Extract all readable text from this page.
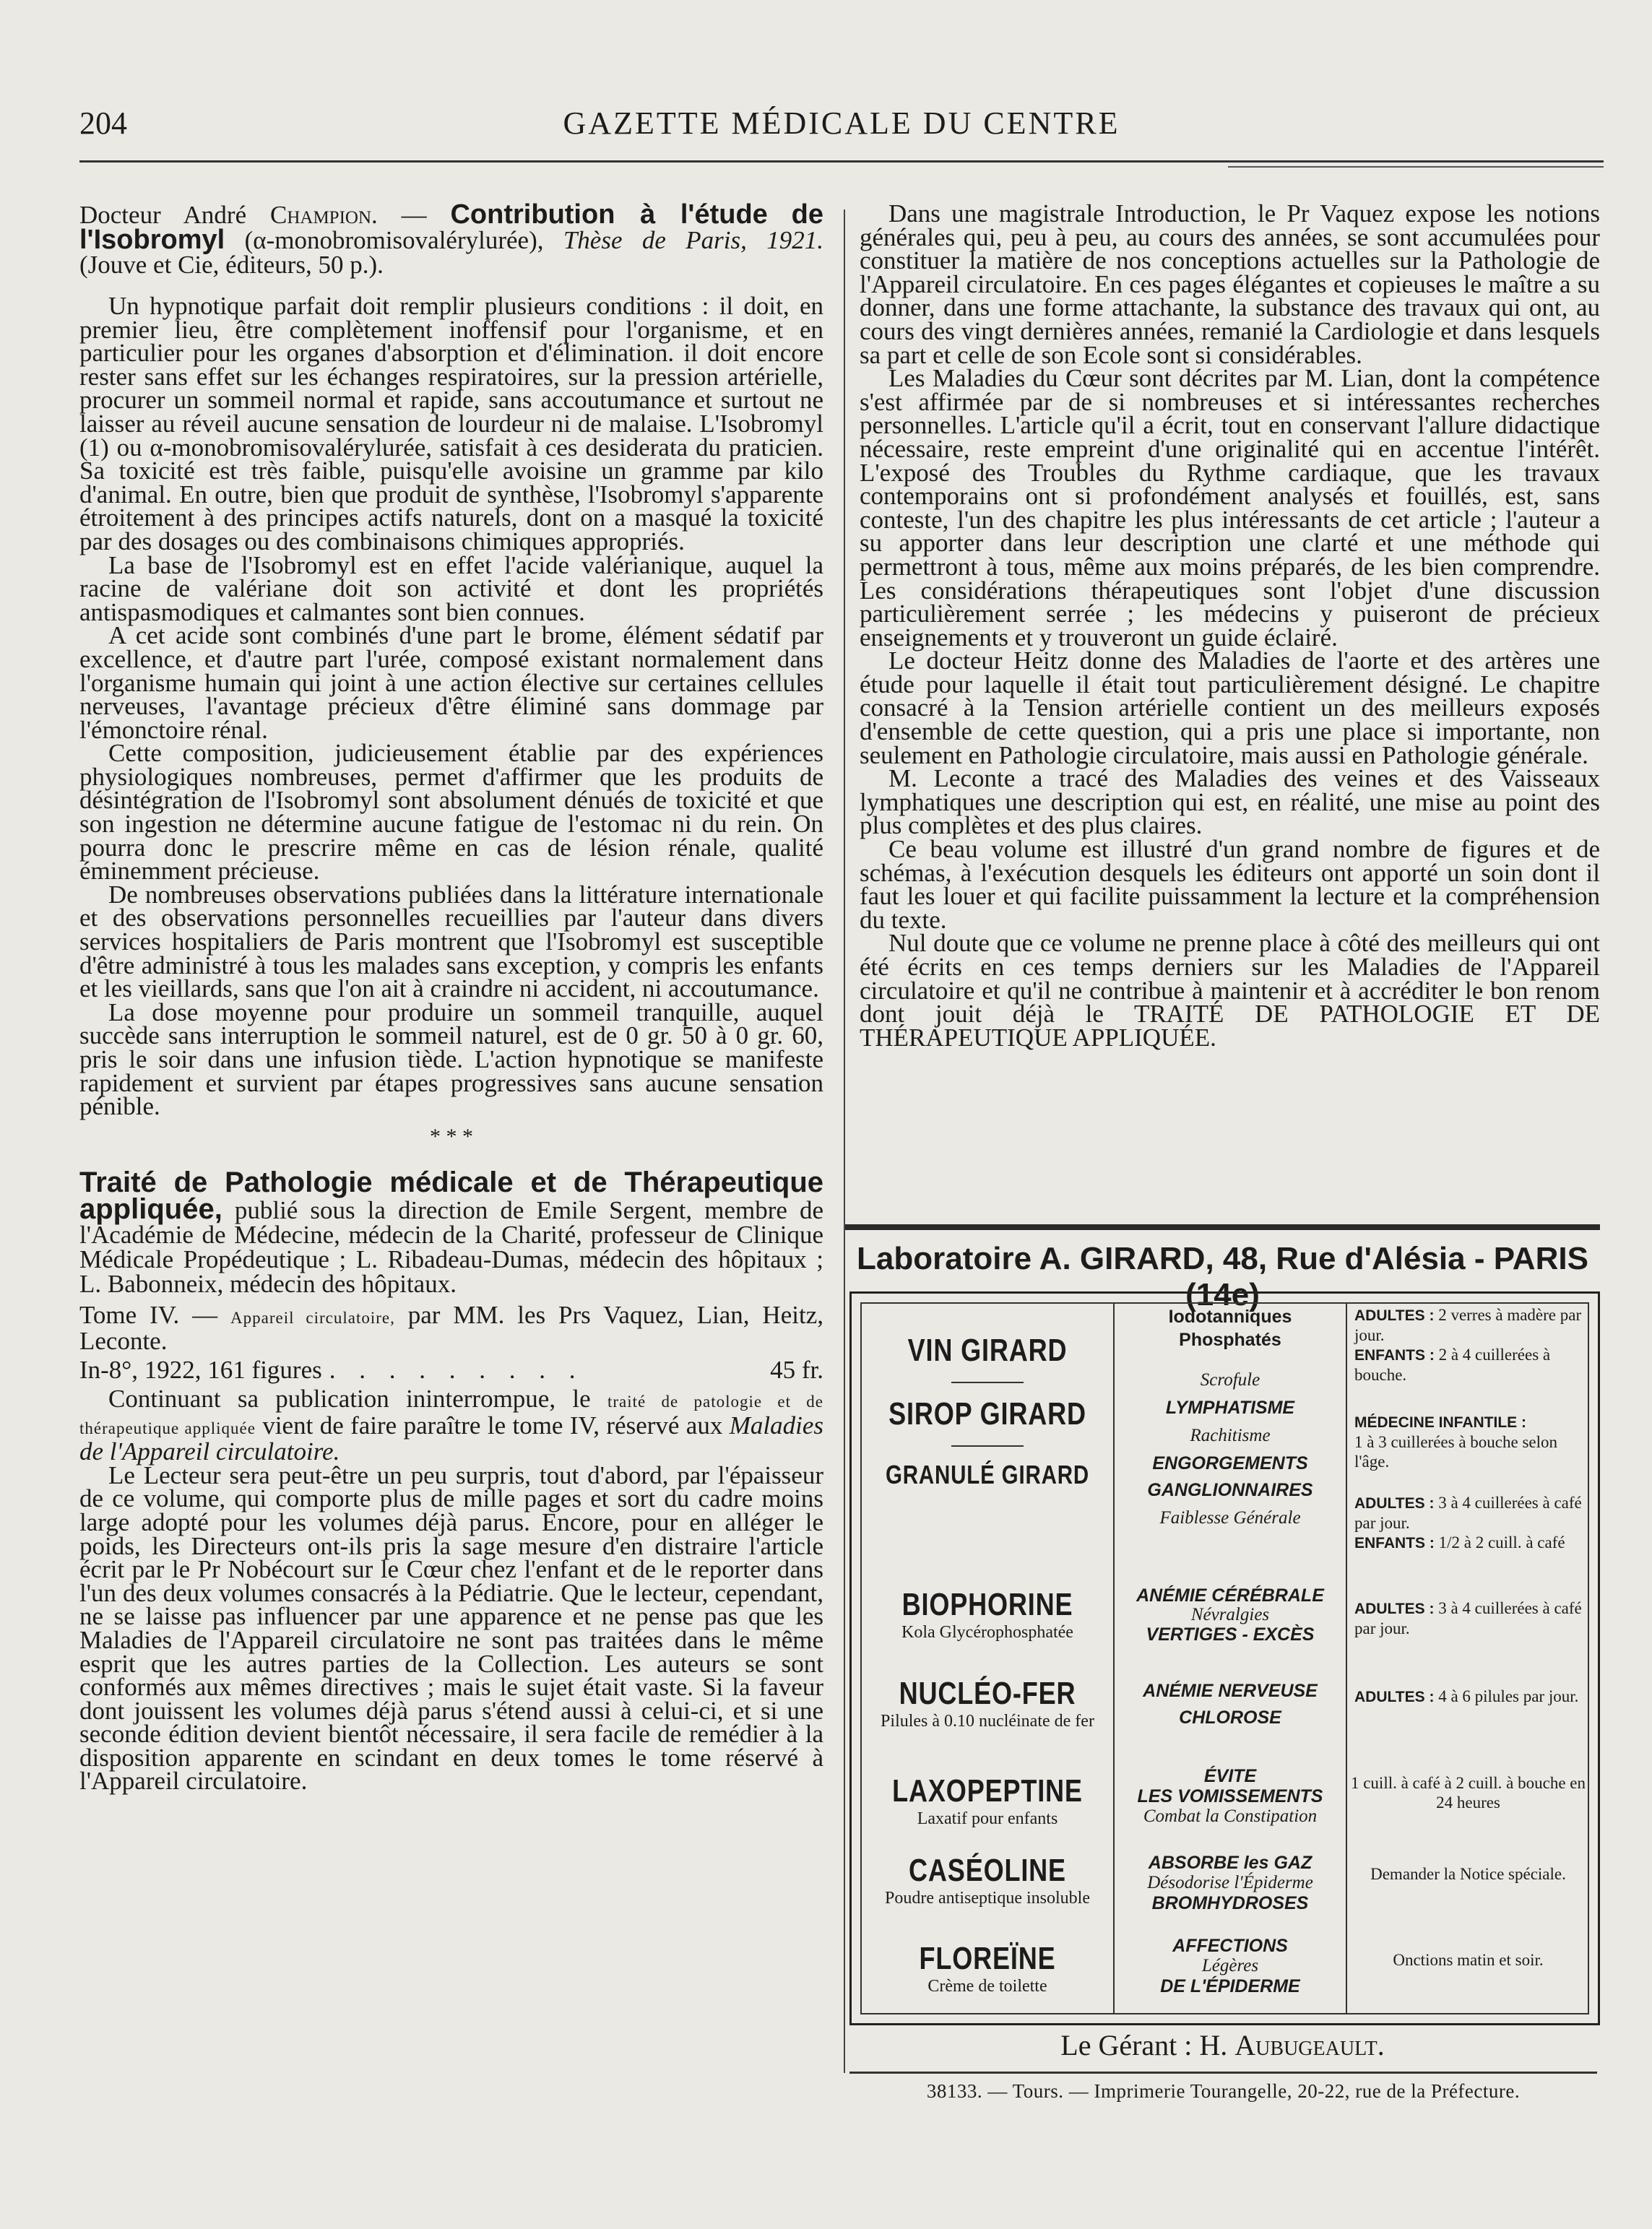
204	GAZETTE MÉDICALE DU CENTRE

Docteur André Champion. — Contribution à l'étude de l'Isobromyl (α-monobromisovalérylurée), Thèse de Paris, 1921. (Jouve et Cie, éditeurs, 50 p.).

Un hypnotique parfait doit remplir plusieurs conditions : il doit, en premier lieu, être complètement inoffensif pour l'organisme, et en particulier pour les organes d'absorption et d'élimination. il doit encore rester sans effet sur les échanges respiratoires, sur la pression artérielle, procurer un sommeil normal et rapide, sans accoutumance et surtout ne laisser au réveil aucune sensation de lourdeur ni de malaise. L'Isobromyl (1) ou α-monobromisovalérylurée, satisfait à ces desiderata du praticien. Sa toxicité est très faible, puisqu'elle avoisine un gramme par kilo d'animal. En outre, bien que produit de synthèse, l'Isobromyl s'apparente étroitement à des principes actifs naturels, dont on a masqué la toxicité par des dosages ou des combinaisons chimiques appropriés.

La base de l'Isobromyl est en effet l'acide valérianique, auquel la racine de valériane doit son activité et dont les propriétés antispasmodiques et calmantes sont bien connues.

A cet acide sont combinés d'une part le brome, élément sédatif par excellence, et d'autre part l'urée, composé existant normalement dans l'organisme humain qui joint à une action élective sur certaines cellules nerveuses, l'avantage précieux d'être éliminé sans dommage par l'émonctoire rénal.

Cette composition, judicieusement établie par des expériences physiologiques nombreuses, permet d'affirmer que les produits de désintégration de l'Isobromyl sont absolument dénués de toxicité et que son ingestion ne détermine aucune fatigue de l'estomac ni du rein. On pourra donc le prescrire même en cas de lésion rénale, qualité éminemment précieuse.

De nombreuses observations publiées dans la littérature internationale et des observations personnelles recueillies par l'auteur dans divers services hospitaliers de Paris montrent que l'Isobromyl est susceptible d'être administré à tous les malades sans exception, y compris les enfants et les vieillards, sans que l'on ait à craindre ni accident, ni accoutumance.

La dose moyenne pour produire un sommeil tranquille, auquel succède sans interruption le sommeil naturel, est de 0 gr. 50 à 0 gr. 60, pris le soir dans une infusion tiède. L'action hypnotique se manifeste rapidement et survient par étapes progressives sans aucune sensation pénible.

* * *

Traité de Pathologie médicale et de Thérapeutique appliquée, publié sous la direction de Emile Sergent, membre de l'Académie de Médecine, médecin de la Charité, professeur de Clinique Médicale Propédeutique ; L. Ribadeau-Dumas, médecin des hôpitaux ; L. Babonneix, médecin des hôpitaux.

Tome IV. — Appareil circulatoire, par MM. les Prs Vaquez, Lian, Heitz, Leconte.

In-8°, 1922, 161 figures . . . . . . . . .	45 fr.

Continuant sa publication ininterrompue, le traité de patologie et de thérapeutique appliquée vient de faire paraître le tome IV, réservé aux Maladies de l'Appareil circulatoire.

Le Lecteur sera peut-être un peu surpris, tout d'abord, par l'épaisseur de ce volume, qui comporte plus de mille pages et sort du cadre moins large adopté pour les volumes déjà parus. Encore, pour en alléger le poids, les Directeurs ont-ils pris la sage mesure d'en distraire l'article écrit par le Pr Nobécourt sur le Cœur chez l'enfant et de le reporter dans l'un des deux volumes consacrés à la Pédiatrie. Que le lecteur, cependant, ne se laisse pas influencer par une apparence et ne pense pas que les Maladies de l'Appareil circulatoire ne sont pas traitées dans le même esprit que les autres parties de la Collection. Les auteurs se sont conformés aux mêmes directives ; mais le sujet était vaste. Si la faveur dont jouissent les volumes déjà parus s'étend aussi à celui-ci, et si une seconde édition devient bientôt nécessaire, il sera facile de remédier à la disposition apparente en scindant en deux tomes le tome réservé à l'Appareil circulatoire.

Dans une magistrale Introduction, le Pr Vaquez expose les notions générales qui, peu à peu, au cours des années, se sont accumulées pour constituer la matière de nos conceptions actuelles sur la Pathologie de l'Appareil circulatoire. En ces pages élégantes et copieuses le maître a su donner, dans une forme attachante, la substance des travaux qui ont, au cours des vingt dernières années, remanié la Cardiologie et dans lesquels sa part et celle de son Ecole sont si considérables.

Les Maladies du Cœur sont décrites par M. Lian, dont la compétence s'est affirmée par de si nombreuses et si intéressantes recherches personnelles. L'article qu'il a écrit, tout en conservant l'allure didactique nécessaire, reste empreint d'une originalité qui en accentue l'intérêt. L'exposé des Troubles du Rythme cardiaque, que les travaux contemporains ont si profondément analysés et fouillés, est, sans conteste, l'un des chapitre les plus intéressants de cet article ; l'auteur a su apporter dans leur description une clarté et une méthode qui permettront à tous, même aux moins préparés, de les bien comprendre. Les considérations thérapeutiques sont l'objet d'une discussion particulièrement serrée ; les médecins y puiseront de précieux enseignements et y trouveront un guide éclairé.

Le docteur Heitz donne des Maladies de l'aorte et des artères une étude pour laquelle il était tout particulièrement désigné. Le chapitre consacré à la Tension artérielle contient un des meilleurs exposés d'ensemble de cette question, qui a pris une place si importante, non seulement en Pathologie circulatoire, mais aussi en Pathologie générale.

M. Leconte a tracé des Maladies des veines et des Vaisseaux lymphatiques une description qui est, en réalité, une mise au point des plus complètes et des plus claires.

Ce beau volume est illustré d'un grand nombre de figures et de schémas, à l'exécution desquels les éditeurs ont apporté un soin dont il faut les louer et qui facilite puissamment la lecture et la compréhension du texte.

Nul doute que ce volume ne prenne place à côté des meilleurs qui ont été écrits en ces temps derniers sur les Maladies de l'Appareil circulatoire et qu'il ne contribue à maintenir et à accréditer le bon renom dont jouit déjà le TRAITÉ DE PATHOLOGIE ET DE THÉRAPEUTIQUE APPLIQUÉE.

Laboratoire A. GIRARD, 48, Rue d'Alésia - PARIS (14e)
VIN GIRARD
SIROP GIRARD
GRANULÉ GIRARD
BIOPHORINE
Kola Glycérophosphatée
NUCLÉO-FER
Pilules à 0.10 nucléinate de fer
LAXOPEPTINE
Laxatif pour enfants
CASÉOLINE
Poudre antiseptique insoluble
FLOREÏNE
Crème de toilette
Iodotanniques
Phosphatés
Scrofule
LYMPHATISME
Rachitisme
ENGORGEMENTS
GANGLIONNAIRES
Faiblesse Générale
ANÉMIE CÉRÉBRALE
Névralgies
VERTIGES - EXCÈS
ANÉMIE NERVEUSE
CHLOROSE
ÉVITE
LES VOMISSEMENTS
Combat la Constipation
ABSORBE les GAZ
Désodorise l'Épiderme
BROMHYDROSES
AFFECTIONS
Légères
DE L'ÉPIDERME
ADULTES : 2 verres à madère par jour.
ENFANTS : 2 à 4 cuillerées à bouche.
MÉDECINE INFANTILE :
1 à 3 cuillerées à bouche selon l'âge.
ADULTES : 3 à 4 cuillerées à café par jour.
ENFANTS : 1/2 à 2 cuill. à café
ADULTES : 3 à 4 cuillerées à café par jour.
ADULTES : 4 à 6 pilules par jour.
1 cuill. à café à 2 cuill. à bouche en 24 heures
Demander la Notice spéciale.
Onctions matin et soir.
Le Gérant : H. Aubugeault.
38133. — Tours. — Imprimerie Tourangelle, 20-22, rue de la Préfecture.
